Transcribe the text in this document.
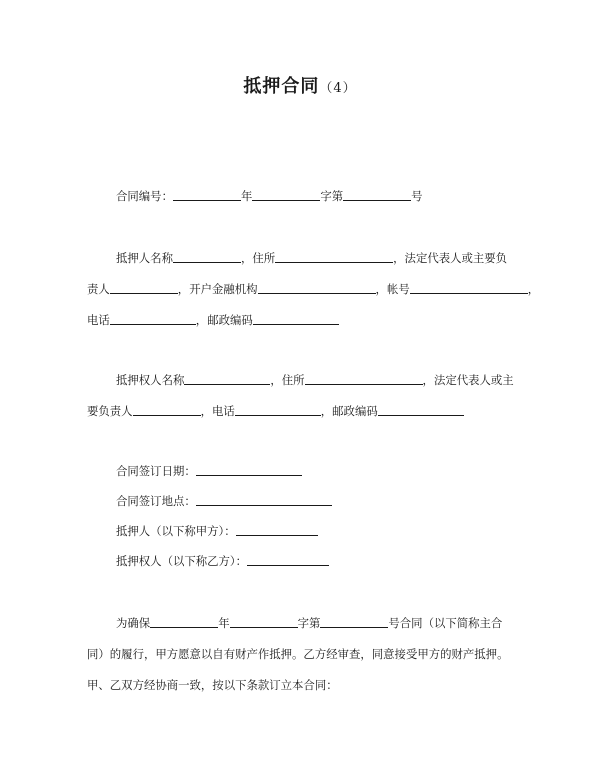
抵押合同（4）
合同编号：	年	字第	号
抵押人名称	，住所	，法定代表人或主要负
责人	，开户金融机构	，帐号	，
电话	，邮政编码
抵押权人名称	，住所	，法定代表人或主
要负责人	，电话	，邮政编码
合同签订日期：
合同签订地点：
抵押人（以下称甲方）：
抵押权人（以下称乙方）：
为确保	年	字第	号合同（以下简称主合
同）的履行，甲方愿意以自有财产作抵押。乙方经审查，同意接受甲方的财产抵押。
甲、乙双方经协商一致，按以下条款订立本合同：
